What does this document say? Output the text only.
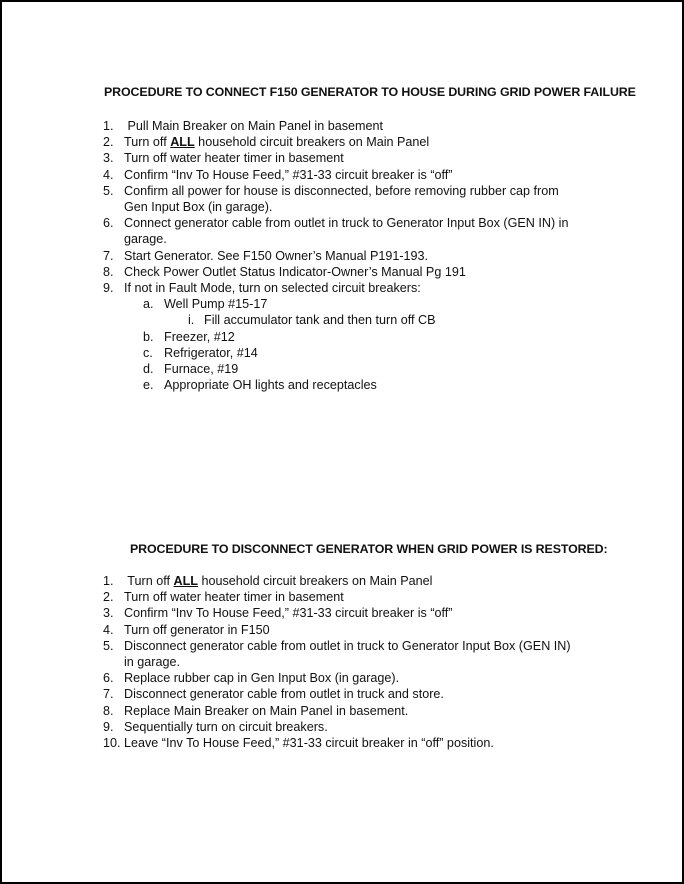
PROCEDURE TO CONNECT F150 GENERATOR TO HOUSE DURING GRID POWER FAILURE
1. Pull Main Breaker on Main Panel in basement
2. Turn off ALL household circuit breakers on Main Panel
3. Turn off water heater timer in basement
4. Confirm “Inv To House Feed,” #31-33 circuit breaker is “off”
5. Confirm all power for house is disconnected, before removing rubber cap from Gen Input Box (in garage).
6. Connect generator cable from outlet in truck to Generator Input Box (GEN IN) in garage.
7. Start Generator. See F150 Owner’s Manual P191-193.
8. Check Power Outlet Status Indicator-Owner’s Manual Pg 191
9. If not in Fault Mode, turn on selected circuit breakers:
a. Well Pump #15-17
i. Fill accumulator tank and then turn off CB
b. Freezer, #12
c. Refrigerator, #14
d. Furnace, #19
e. Appropriate OH lights and receptacles
PROCEDURE TO DISCONNECT GENERATOR WHEN GRID POWER IS RESTORED:
1. Turn off ALL household circuit breakers on Main Panel
2. Turn off water heater timer in basement
3. Confirm “Inv To House Feed,” #31-33 circuit breaker is “off”
4. Turn off generator in F150
5. Disconnect generator cable from outlet in truck to Generator Input Box (GEN IN) in garage.
6. Replace rubber cap in Gen Input Box (in garage).
7. Disconnect generator cable from outlet in truck and store.
8. Replace Main Breaker on Main Panel in basement.
9. Sequentially turn on circuit breakers.
10. Leave “Inv To House Feed,” #31-33 circuit breaker in “off” position.
